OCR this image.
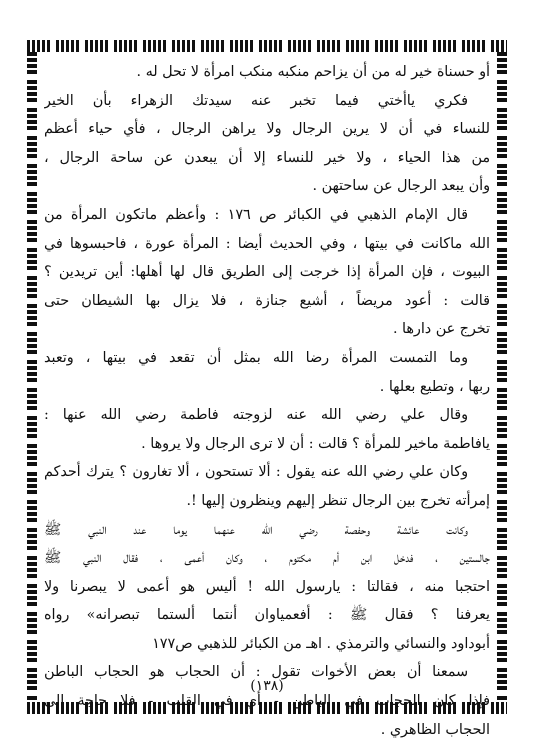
أو حسناة خير له من أن يزاحم منكبه منكب امرأة لا تحل له .
فكري ياأختي فيما تخبر عنه سيدتك الزهراء بأن الخير
للنساء في أن لا يرين الرجال ولا يراهن الرجال ، فأي حياء أعظم
من هذا الحياء ، ولا خير للنساء إلا أن يبعدن عن ساحة الرجال ،
وأن يبعد الرجال عن ساحتهن .
قال الإمام الذهبي في الكبائر ص ١٧٦ : وأعظم ماتكون المرأة من
الله ماكانت في بيتها ، وفي الحديث أيضا : المرأة عورة ، فاحبسوها في
البيوت ، فإن المرأة إذا خرجت إلى الطريق قال لها أهلها: أين تريدين ؟
قالت : أعود مريضاً ، أشيع جنازة ، فلا يزال بها الشيطان حتى
تخرج عن دارها .
وما التمست المرأة رضا الله بمثل أن تقعد في بيتها ، وتعبد
ربها ، وتطيع بعلها .
وقال علي رضي الله عنه لزوجته فاطمة رضي الله عنها :
يافاطمة ماخير للمرأة ؟ قالت : أن لا ترى الرجال ولا يروها .
وكان علي رضي الله عنه يقول : ألا تستحون ، ألا تغارون ؟ يترك أحدكم
إمرأته تخرج بين الرجال تنظر إليهم وينظرون إليها !.
وكانت عائشة وحفصة رضي الله عنهما يوما عند النبي ﷺ
جالستين ، فدخل ابن أم مكتوم ، وكان أعمى ، فقال النبي ﷺ
احتجبا منه ، فقالتا : يارسول الله ! أليس هو أعمى لا يبصرنا ولا
يعرفنا ؟ فقال ﷺ : أفعمياوان أنتما ألستما تبصرانه» رواه
أبوداود والنسائي والترمذي . اهـ من الكبائر للذهبي ص١٧٧
سمعنا أن بعض الأخوات تقول : أن الحجاب هو الحجاب الباطن
فإذا كان الحجاب في الباطن - أي في القلب - فلا حاجة إلى
الحجاب الظاهري .
(١٣٨)
